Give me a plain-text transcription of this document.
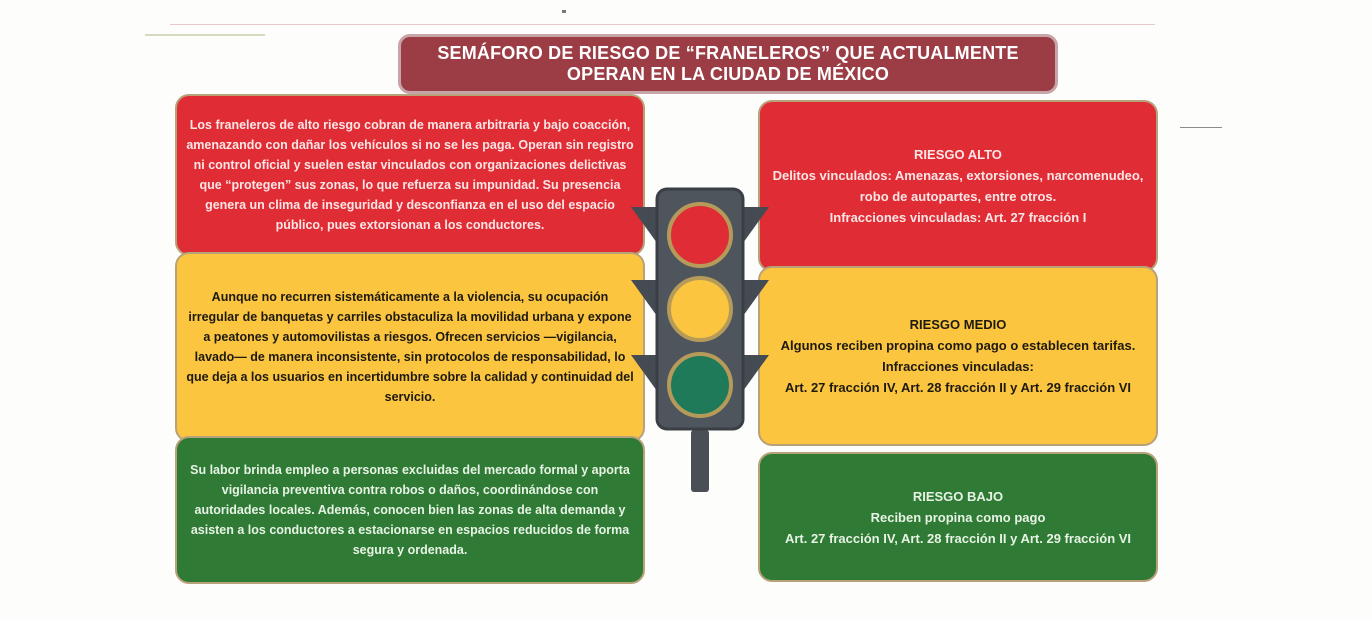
SEMÁFORO DE RIESGO DE “FRANELEROS” QUE ACTUALMENTE OPERAN EN LA CIUDAD DE MÉXICO
Los franeleros de alto riesgo cobran de manera arbitraria y bajo coacción, amenazando con dañar los vehículos si no se les paga. Operan sin registro ni control oficial y suelen estar vinculados con organizaciones delictivas que “protegen” sus zonas, lo que refuerza su impunidad. Su presencia genera un clima de inseguridad y desconfianza en el uso del espacio público, pues extorsionan a los conductores.
Aunque no recurren sistemáticamente a la violencia, su ocupación irregular de banquetas y carriles obstaculiza la movilidad urbana y expone a peatones y automovilistas a riesgos. Ofrecen servicios —vigilancia, lavado— de manera inconsistente, sin protocolos de responsabilidad, lo que deja a los usuarios en incertidumbre sobre la calidad y continuidad del servicio.
Su labor brinda empleo a personas excluidas del mercado formal y aporta vigilancia preventiva contra robos o daños, coordinándose con autoridades locales. Además, conocen bien las zonas de alta demanda y asisten a los conductores a estacionarse en espacios reducidos de forma segura y ordenada.
RIESGO ALTO
Delitos vinculados: Amenazas, extorsiones, narcomenudeo, robo de autopartes, entre otros.
Infracciones vinculadas: Art. 27 fracción I
RIESGO MEDIO
Algunos reciben propina como pago o establecen tarifas.
Infracciones vinculadas:
Art. 27 fracción IV, Art. 28 fracción II y Art. 29 fracción VI
RIESGO BAJO
Reciben propina como pago
Art. 27 fracción IV, Art. 28 fracción II y Art. 29 fracción VI
